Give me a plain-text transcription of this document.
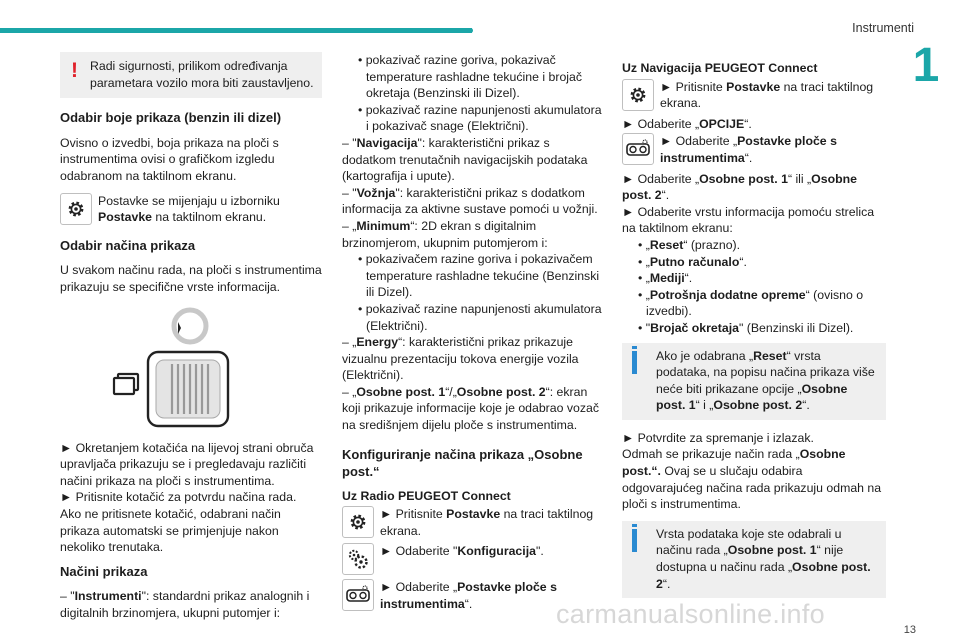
Instrumenti
1
! Radi sigurnosti, prilikom određivanja parametara vozilo mora biti zaustavljeno.
Odabir boje prikaza (benzin ili dizel)

Ovisno o izvedbi, boja prikaza na ploči s instrumentima ovisi o grafičkom izgledu odabranom na taktilnom ekranu.

Postavke se mijenjaju u izborniku Postavke na taktilnom ekranu.
Odabir načina prikaza

U svakom načinu rada, na ploči s instrumentima prikazuju se specifične vrste informacija.

► Okretanjem kotačića na lijevoj strani obruča upravljača prikazuju se i pregledavaju različiti načini prikaza na ploči s instrumentima.

► Pritisnite kotačić za potvrdu načina rada.

Ako ne pritisnete kotačić, odabrani način prikaza automatski se primjenjuje nakon nekoliko trenutaka.

Načini prikaza

– "Instrumenti": standardni prikaz analognih i digitalnih brzinomjera, ukupni putomjer i:

• pokazivač razine goriva, pokazivač temperature rashladne tekućine i brojač okretaja (Benzinski ili Dizel).

• pokazivač razine napunjenosti akumulatora i pokazivač snage (Električni).

– "Navigacija": karakteristični prikaz s dodatkom trenutačnih navigacijskih podataka (kartografija i upute).

– "Vožnja": karakteristični prikaz s dodatkom informacija za aktivne sustave pomoći u vožnji.

– „Minimum“: 2D ekran s digitalnim brzinomjerom, ukupnim putomjerom i:

• pokazivačem razine goriva i pokazivačem temperature rashladne tekućine (Benzinski ili Dizel).

• pokazivač razine napunjenosti akumulatora (Električni).

– „Energy“: karakteristični prikaz prikazuje vizualnu prezentaciju tokova energije vozila (Električni).

– „Osobne post. 1“/„Osobne post. 2“: ekran koji prikazuje informacije koje je odabrao vozač na središnjem dijelu ploče s instrumentima.

Konfiguriranje načina prikaza „Osobne post.“
Uz Radio PEUGEOT Connect
► Pritisnite Postavke na traci taktilnog ekrana.
► Odaberite "Konfiguracija".
► Odaberite „Postavke ploče s instrumentima“.
Uz Navigacija PEUGEOT Connect
► Pritisnite Postavke na traci taktilnog ekrana.

► Odaberite „OPCIJE“.

► Odaberite „Postavke ploče s instrumentima“.

► Odaberite „Osobne post. 1“ ili „Osobne post. 2“.

► Odaberite vrstu informacija pomoću strelica na taktilnom ekranu:

• „Reset“ (prazno).

• „Putno računalo“.

• „Mediji“.

• „Potrošnja dodatne opreme“ (ovisno o izvedbi).

• "Brojač okretaja" (Benzinski ili Dizel).

Ako je odabrana „Reset“ vrsta podataka, na popisu načina prikaza više neće biti prikazane opcije „Osobne post. 1“ i „Osobne post. 2“.

► Potvrdite za spremanje i izlazak.

Odmah se prikazuje način rada „Osobne post.“. Ovaj se u slučaju odabira odgovarajućeg načina rada prikazuju odmah na ploči s instrumentima.

Vrsta podataka koje ste odabrali u načinu rada „Osobne post. 1“ nije dostupna u načinu rada „Osobne post. 2“.
carmanualsonline.info
13
